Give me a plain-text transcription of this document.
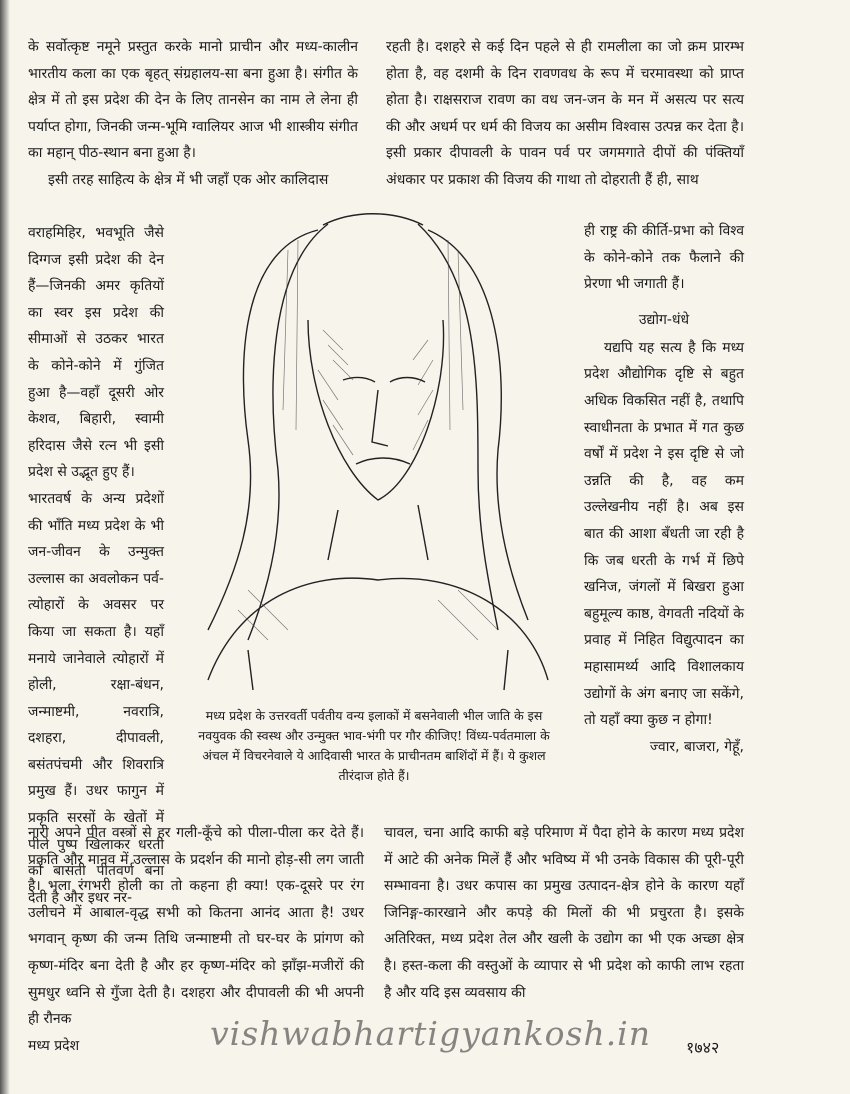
के सर्वोत्कृष्ट नमूने प्रस्तुत करके मानो प्राचीन और मध्य-कालीन भारतीय कला का एक बृहत् संग्रहालय-सा बना हुआ है। संगीत के क्षेत्र में तो इस प्रदेश की देन के लिए तानसेन का नाम ले लेना ही पर्याप्त होगा, जिनकी जन्म-भूमि ग्वालियर आज भी शास्त्रीय संगीत का महान् पीठ-स्थान बना हुआ है।

इसी तरह साहित्य के क्षेत्र में भी जहाँ एक ओर कालिदास

वराहमिहिर, भवभूति जैसे दिग्गज इसी प्रदेश की देन हैं—जिनकी अमर कृतियों का स्वर इस प्रदेश की सीमाओं से उठकर भारत के कोने-कोने में गुंजित हुआ है—वहाँ दूसरी ओर केशव, बिहारी, स्वामी हरिदास जैसे रत्न भी इसी प्रदेश से उद्भूत हुए हैं।

भारतवर्ष के अन्य प्रदेशों की भाँति मध्य प्रदेश के भी जन-जीवन के उन्मुक्त उल्लास का अवलोकन पर्व-त्योहारों के अवसर पर किया जा सकता है। यहाँ मनाये जानेवाले त्योहारों में होली, रक्षा-बंधन, जन्माष्टमी, नवरात्रि, दशहरा, दीपावली, बसंतपंचमी और शिवरात्रि प्रमुख हैं। उधर फागुन में प्रकृति सरसों के खेतों में पीले पुष्प खिलाकर धरती को बासंती पीतवर्ण बना देती है और इधर नर-

नारी अपने पीत वस्त्रों से हर गली-कूँचे को पीला-पीला कर देते हैं। प्रकृति और मानव में उल्लास के प्रदर्शन की मानो होड़-सी लग जाती है। भला रंगभरी होली का तो कहना ही क्या! एक-दूसरे पर रंग उलीचने में आबाल-वृद्ध सभी को कितना आनंद आता है! उधर भगवान् कृष्ण की जन्म तिथि जन्माष्टमी तो घर-घर के प्रांगण को कृष्ण-मंदिर बना देती है और हर कृष्ण-मंदिर को झाँझ-मजीरों की सुमधुर ध्वनि से गुँजा देती है। दशहरा और दीपावली की भी अपनी ही रौनक

मध्य प्रदेश के उत्तरवर्ती पर्वतीय वन्य इलाकों में बसनेवाली भील जाति के इस नवयुवक की स्वस्थ और उन्मुक्त भाव-भंगी पर गौर कीजिए! विंध्य-पर्वतमाला के अंचल में विचरनेवाले ये आदिवासी भारत के प्राचीनतम बाशिंदों में हैं। ये कुशल तीरंदाज होते हैं।

रहती है। दशहरे से कई दिन पहले से ही रामलीला का जो क्रम प्रारम्भ होता है, वह दशमी के दिन रावणवध के रूप में चरमावस्था को प्राप्त होता है। राक्षसराज रावण का वध जन-जन के मन में असत्य पर सत्य की और अधर्म पर धर्म की विजय का असीम विश्वास उत्पन्न कर देता है। इसी प्रकार दीपावली के पावन पर्व पर जगमगाते दीपों की पंक्तियाँ अंधकार पर प्रकाश की विजय की गाथा तो दोहराती हैं ही, साथ

ही राष्ट्र की कीर्ति-प्रभा को विश्व के कोने-कोने तक फैलाने की प्रेरणा भी जगाती हैं।

उद्योग-धंधे

यद्यपि यह सत्य है कि मध्य प्रदेश औद्योगिक दृष्टि से बहुत अधिक विकसित नहीं है, तथापि स्वाधीनता के प्रभात में गत कुछ वर्षों में प्रदेश ने इस दृष्टि से जो उन्नति की है, वह कम उल्लेखनीय नहीं है। अब इस बात की आशा बँधती जा रही है कि जब धरती के गर्भ में छिपे खनिज, जंगलों में बिखरा हुआ बहुमूल्य काष्ठ, वेगवती नदियों के प्रवाह में निहित विद्युत्पादन का महासामर्थ्य आदि विशालकाय उद्योगों के अंग बनाए जा सकेंगे, तो यहाँ क्या कुछ न होगा!

ज्वार, बाजरा, गेहूँ,

चावल, चना आदि काफी बड़े परिमाण में पैदा होने के कारण मध्य प्रदेश में आटे की अनेक मिलें हैं और भविष्य में भी उनके विकास की पूरी-पूरी सम्भावना है। उधर कपास का प्रमुख उत्पादन-क्षेत्र होने के कारण यहाँ जिनिङ्ग-कारखाने और कपड़े की मिलों की भी प्रचुरता है। इसके अतिरिक्त, मध्य प्रदेश तेल और खली के उद्योग का भी एक अच्छा क्षेत्र है। हस्त-कला की वस्तुओं के व्यापार से भी प्रदेश को काफी लाभ रहता है और यदि इस व्यवसाय की

मध्य प्रदेश	vishwabhartigyankosh.in १७४२
